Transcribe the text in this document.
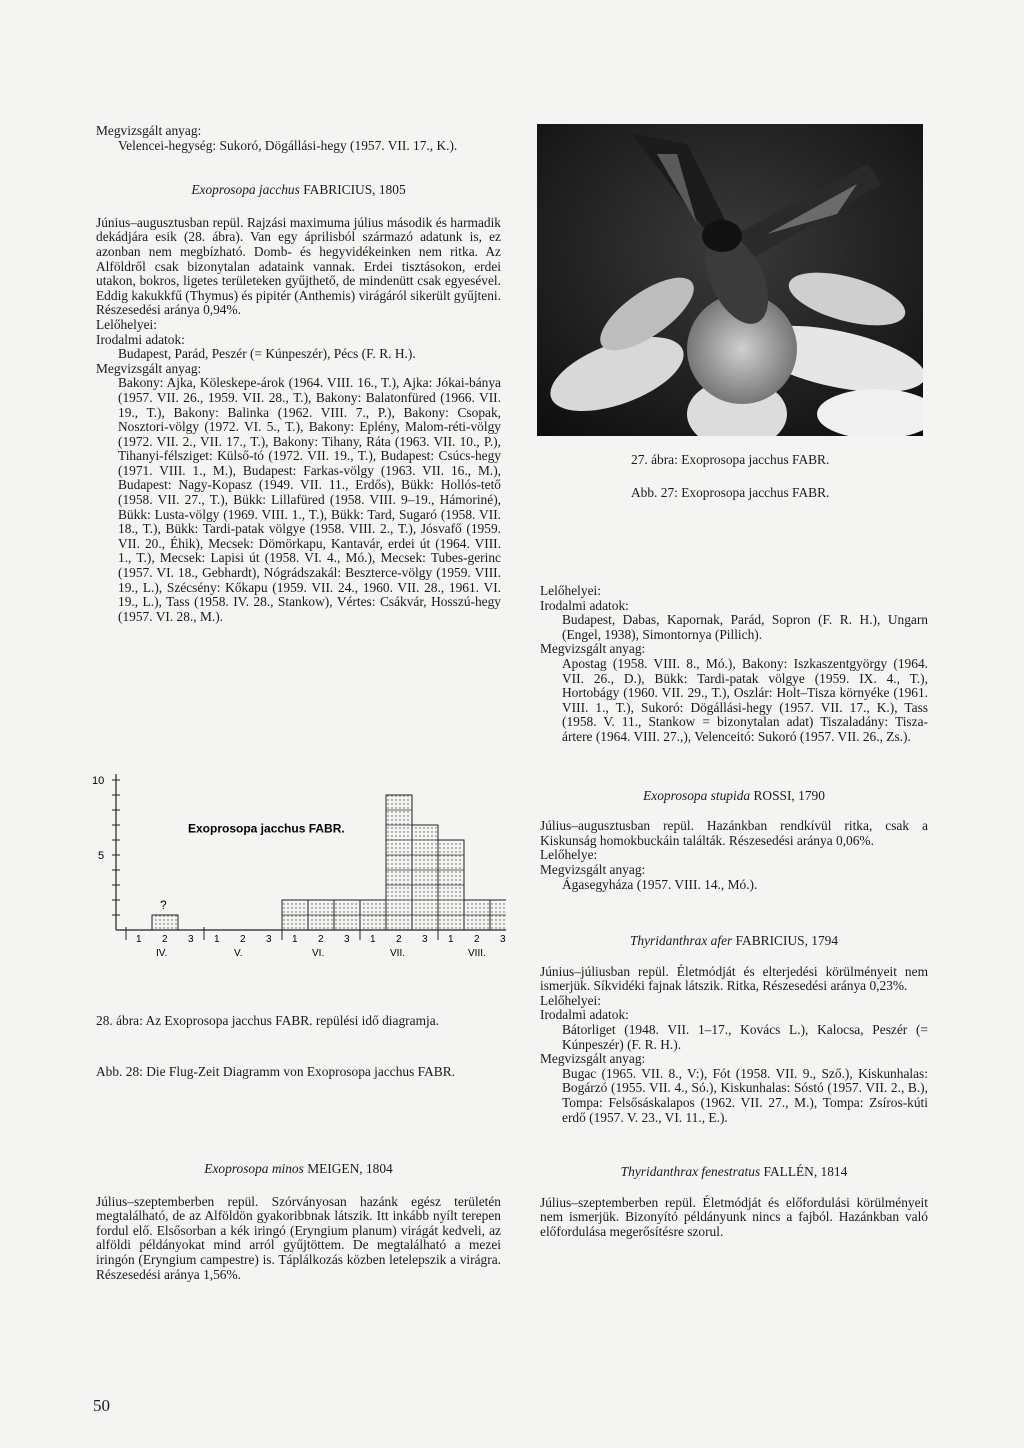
Megvizsgált anyag:

Velencei-hegység: Sukoró, Dögállási-hegy (1957. VII. 17., K.).

Exoprosopa jacchus FABRICIUS, 1805

Június–augusztusban repül. Rajzási maximuma július második és harmadik dekádjára esik (28. ábra). Van egy áprilisból származó adatunk is, ez azonban nem megbízható. Domb- és hegyvidékeinken nem ritka. Az Alföldről csak bizonytalan adataink vannak. Erdei tisztásokon, erdei utakon, bokros, ligetes területeken gyűjthető, de mindenütt csak egyesével. Eddig kakukkfű (Thymus) és pipitér (Anthemis) virágáról sikerült gyűjteni. Részesedési aránya 0,94%.

Lelőhelyei:

Irodalmi adatok:

Budapest, Parád, Peszér (= Kúnpeszér), Pécs (F. R. H.).

Megvizsgált anyag:

Bakony: Ajka, Köleskepe-árok (1964. VIII. 16., T.), Ajka: Jókai-bánya (1957. VII. 26., 1959. VII. 28., T.), Bakony: Balatonfüred (1966. VII. 19., T.), Bakony: Balinka (1962. VIII. 7., P.), Bakony: Csopak, Nosztori-völgy (1972. VI. 5., T.), Bakony: Eplény, Malom-réti-völgy (1972. VII. 2., VII. 17., T.), Bakony: Tihany, Ráta (1963. VII. 10., P.), Tihanyi-félsziget: Külső-tó (1972. VII. 19., T.), Budapest: Csúcs-hegy (1971. VIII. 1., M.), Budapest: Farkas-völgy (1963. VII. 16., M.), Budapest: Nagy-Kopasz (1949. VII. 11., Erdős), Bükk: Hollós-tető (1958. VII. 27., T.), Bükk: Lillafüred (1958. VIII. 9–19., Hámoriné), Bükk: Lusta-völgy (1969. VIII. 1., T.), Bükk: Tard, Sugaró (1958. VII. 18., T.), Bükk: Tardi-patak völgye (1958. VIII. 2., T.), Jósvafő (1959. VII. 20., Éhik), Mecsek: Dömörkapu, Kantavár, erdei út (1964. VIII. 1., T.), Mecsek: Lapisi út (1958. VI. 4., Mó.), Mecsek: Tubes-gerinc (1957. VI. 18., Gebhardt), Nógrádszakál: Beszterce-völgy (1959. VIII. 19., L.), Szécsény: Kőkapu (1959. VII. 24., 1960. VII. 28., 1961. VI. 19., L.), Tass (1958. IV. 28., Stankow), Vértes: Csákvár, Hosszú-hegy (1957. VI. 28., M.).

10
5
?
1 2 3 1 2 3 1 2 3 1 2 3 1 2 3
IV.	V.	VI.	VII.	VIII.
Exoprosopa jacchus FABR.
28. ábra: Az Exoprosopa jacchus FABR. repülési idő diagramja.
Abb. 28: Die Flug-Zeit Diagramm von Exoprosopa jacchus FABR.

Exoprosopa minos MEIGEN, 1804

Július–szeptemberben repül. Szórványosan hazánk egész területén megtalálható, de az Alföldön gyakoribbnak látszik. Itt inkább nyílt terepen fordul elő. Elsősorban a kék iringó (Eryngium planum) virágát kedveli, az alföldi példányokat mind arról gyűjtöttem. De megtalálható a mezei iringón (Eryngium campestre) is. Táplálkozás közben letelepszik a virágra. Részesedési aránya 1,56%.

27. ábra: Exoprosopa jacchus FABR.
Abb. 27: Exoprosopa jacchus FABR.

Lelőhelyei:

Irodalmi adatok:

Budapest, Dabas, Kapornak, Parád, Sopron (F. R. H.), Ungarn (Engel, 1938), Simontornya (Pillich).

Megvizsgált anyag:

Apostag (1958. VIII. 8., Mó.), Bakony: Iszkaszentgyörgy (1964. VII. 26., D.), Bükk: Tardi-patak völgye (1959. IX. 4., T.), Hortobágy (1960. VII. 29., T.), Oszlár: Holt–Tisza környéke (1961. VIII. 1., T.), Sukoró: Dögállási-hegy (1957. VII. 17., K.), Tass (1958. V. 11., Stankow = bizonytalan adat) Tiszaladány: Tisza-ártere (1964. VIII. 27.,), Velenceitó: Sukoró (1957. VII. 26., Zs.).

Exoprosopa stupida ROSSI, 1790

Július–augusztusban repül. Hazánkban rendkívül ritka, csak a Kiskunság homokbuckáin találták. Részesedési aránya 0,06%.

Lelőhelye:

Megvizsgált anyag:

Ágasegyháza (1957. VIII. 14., Mó.).

Thyridanthrax afer FABRICIUS, 1794

Június–júliusban repül. Életmódját és elterjedési körülményeit nem ismerjük. Síkvidéki fajnak látszik. Ritka, Részesedési aránya 0,23%.

Lelőhelyei:

Irodalmi adatok:

Bátorliget (1948. VII. 1–17., Kovács L.), Kalocsa, Peszér (= Kúnpeszér) (F. R. H.).

Megvizsgált anyag:

Bugac (1965. VII. 8., V:), Fót (1958. VII. 9., Sző.), Kiskunhalas: Bogárzó (1955. VII. 4., Só.), Kiskunhalas: Sóstó (1957. VII. 2., B.), Tompa: Felsősáskalapos (1962. VII. 27., M.), Tompa: Zsíros-kúti erdő (1957. V. 23., VI. 11., E.).

Thyridanthrax fenestratus FALLÉN, 1814

Július–szeptemberben repül. Életmódját és előfordulási körülményeit nem ismerjük. Bizonyító példányunk nincs a fajból. Hazánkban való előfordulása megerősítésre szorul.

50
